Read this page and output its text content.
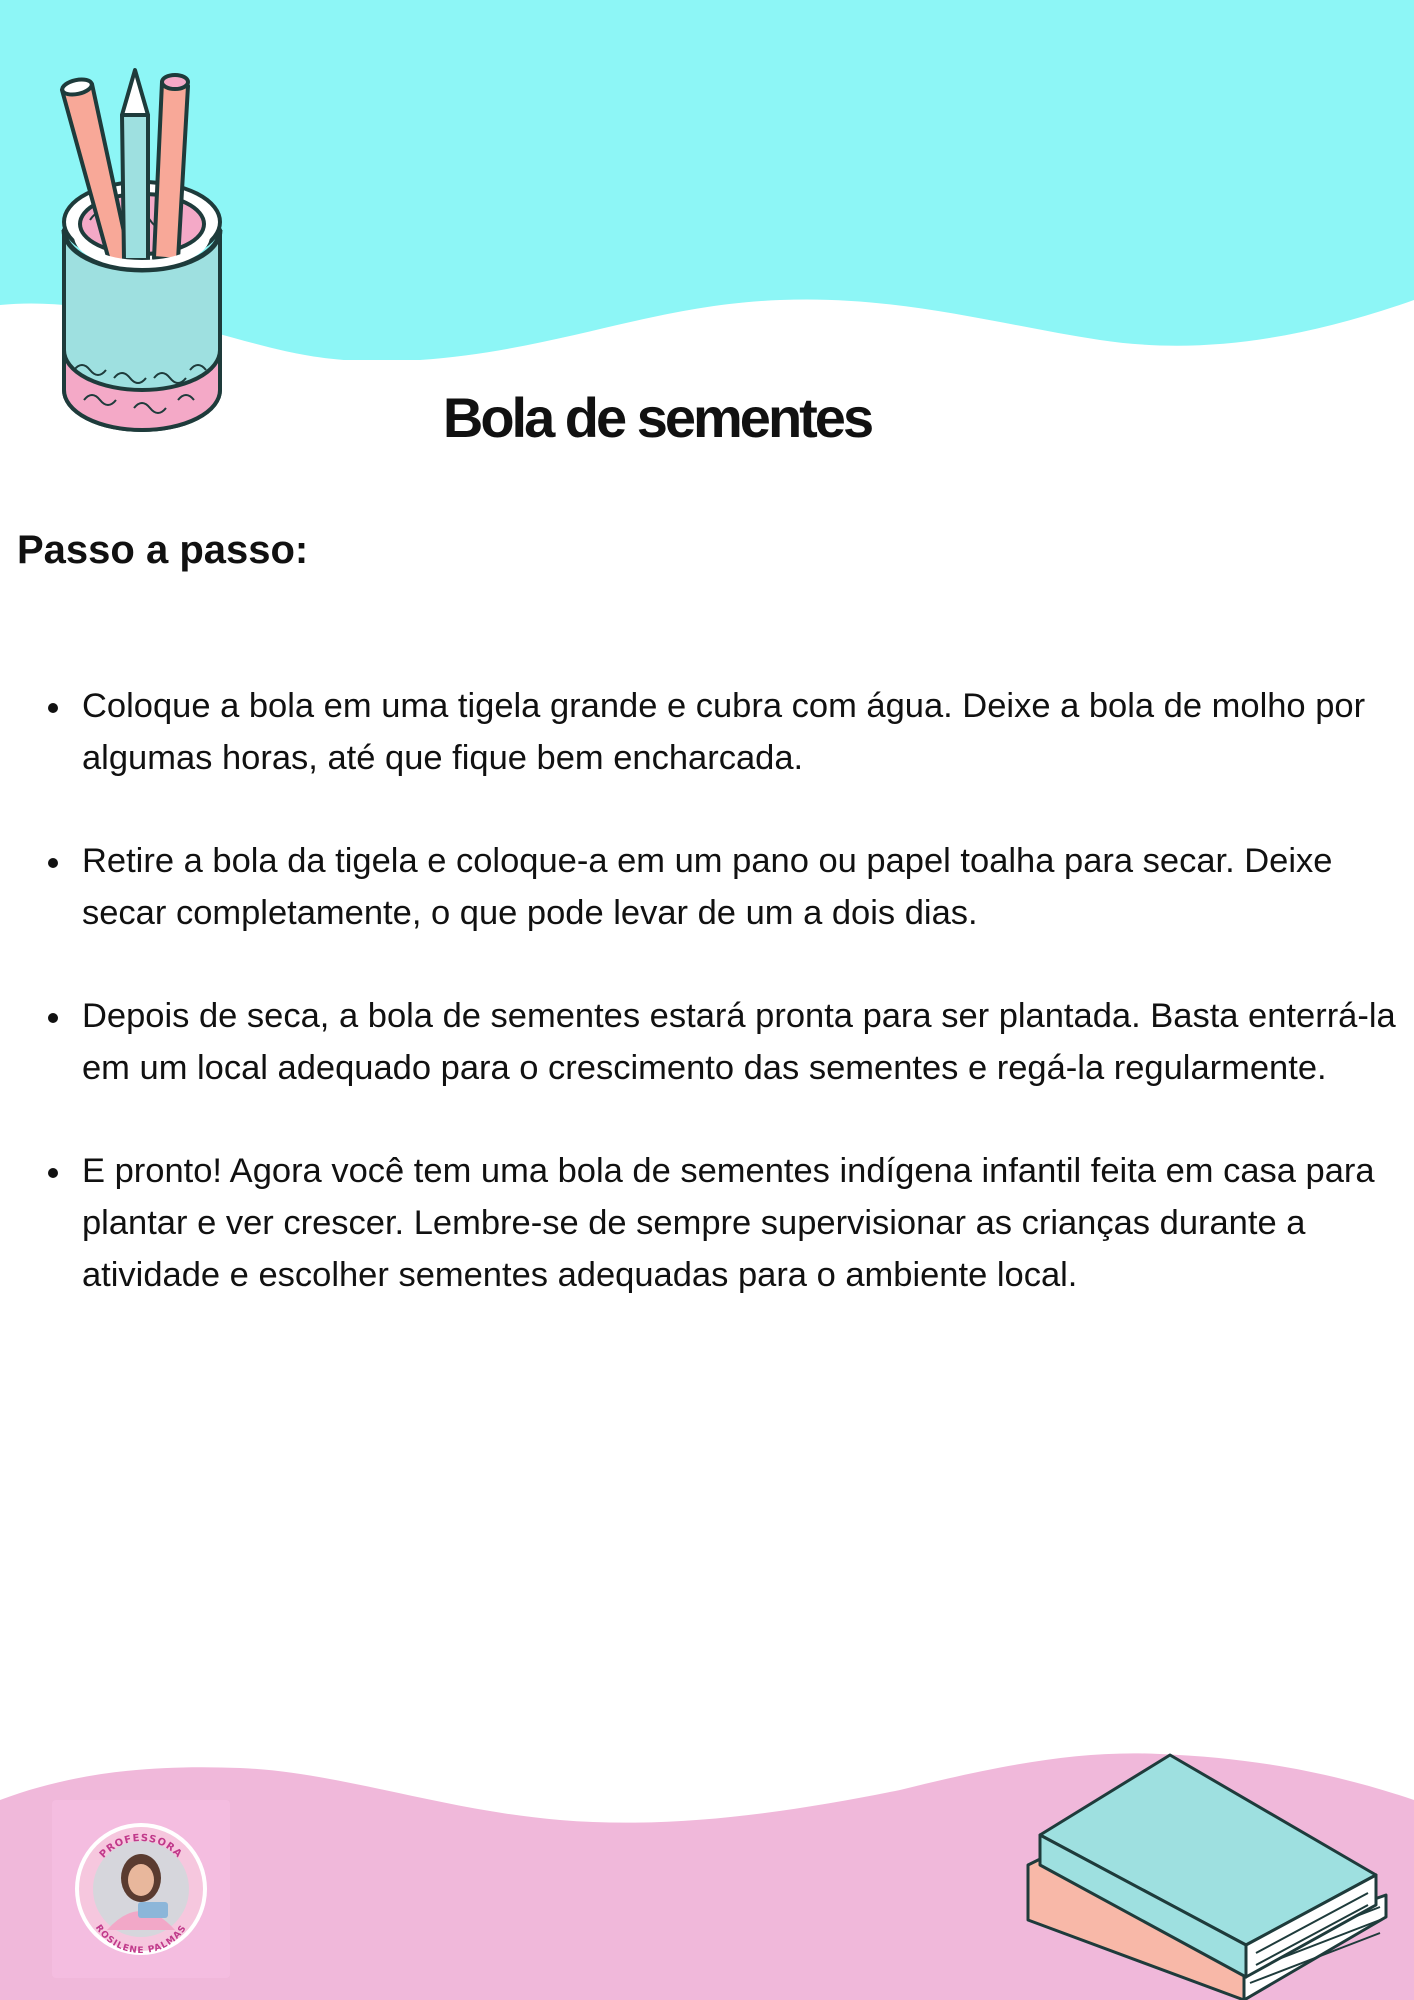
Bola de sementes
Passo a passo:
Coloque a bola em uma tigela grande e cubra com água. Deixe a bola de molho por algumas horas, até que fique bem encharcada.
Retire a bola da tigela e coloque-a em um pano ou papel toalha para secar. Deixe secar completamente, o que pode levar de um a dois dias.
Depois de seca, a bola de sementes estará pronta para ser plantada. Basta enterrá-la em um local adequado para o crescimento das sementes e regá-la regularmente.
E pronto! Agora você tem uma bola de sementes indígena infantil feita em casa para plantar e ver crescer. Lembre-se de sempre supervisionar as crianças durante a atividade e escolher sementes adequadas para o ambiente local.
PROFESSORA
ROSILENE PALMAS
